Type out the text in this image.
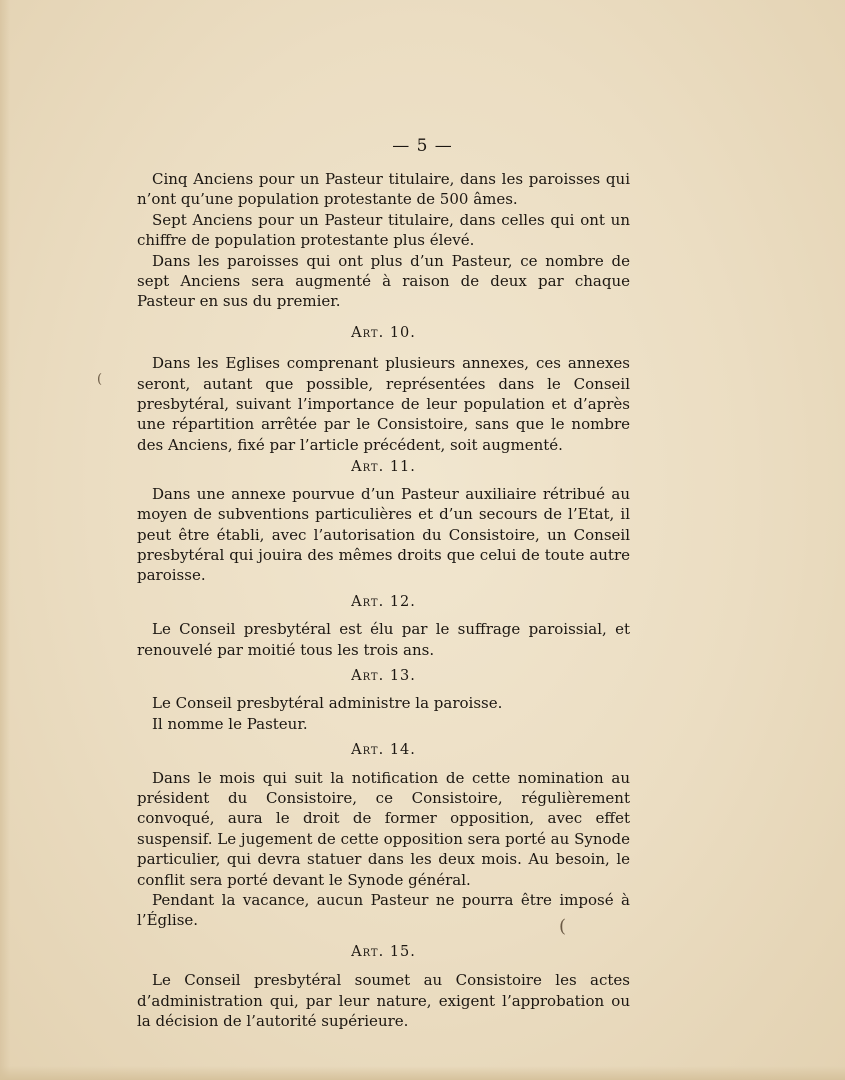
— 5 —

Cinq Anciens pour un Pasteur titulaire, dans les paroisses qui n’ont qu’une population protestante de 500 âmes.

Sept Anciens pour un Pasteur titulaire, dans celles qui ont un chiffre de population protestante plus élevé.

Dans les paroisses qui ont plus d’un Pasteur, ce nombre de sept Anciens sera augmenté à raison de deux par chaque Pasteur en sus du premier.

Art. 10.

Dans les Eglises comprenant plusieurs annexes, ces annexes seront, autant que possible, représentées dans le Conseil presbytéral, suivant l’importance de leur population et d’après une répartition arrêtée par le Consistoire, sans que le nombre des Anciens, fixé par l’article précédent, soit augmenté.

Art. 11.

Dans une annexe pourvue d’un Pasteur auxiliaire rétribué au moyen de subventions particulières et d’un secours de l’Etat, il peut être établi, avec l’autorisation du Consistoire, un Conseil presbytéral qui jouira des mêmes droits que celui de toute autre paroisse.

Art. 12.

Le Conseil presbytéral est élu par le suffrage paroissial, et renouvelé par moitié tous les trois ans.

Art. 13.

Le Conseil presbytéral administre la paroisse.

Il nomme le Pasteur.

Art. 14.

Dans le mois qui suit la notification de cette nomination au président du Consistoire, ce Consistoire, régulièrement convoqué, aura le droit de former opposition, avec effet suspensif. Le jugement de cette opposition sera porté au Synode particulier, qui devra statuer dans les deux mois. Au besoin, le conflit sera porté devant le Synode général.

Pendant la vacance, aucun Pasteur ne pourra être imposé à l’Église.

Art. 15.

Le Conseil presbytéral soumet au Consistoire les actes d’administration qui, par leur nature, exigent l’approbation ou la décision de l’autorité supérieure.

(
(
